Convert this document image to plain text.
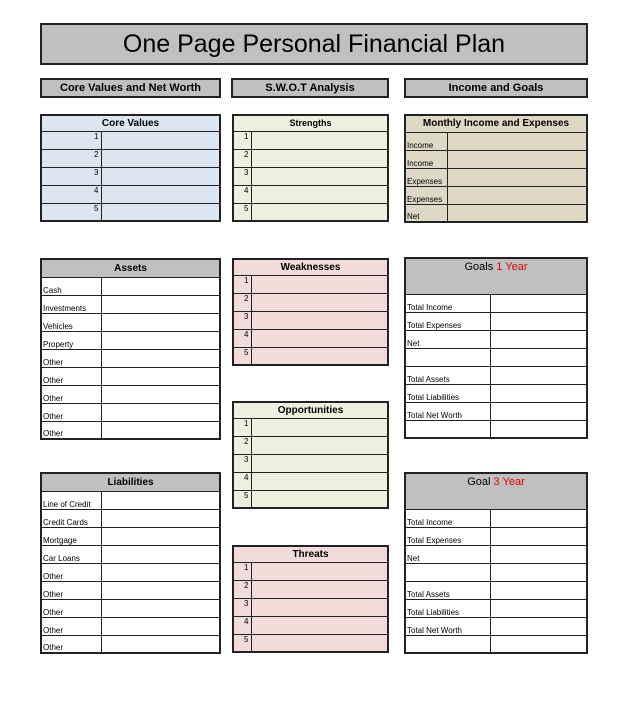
One Page Personal Financial Plan
Core Values and Net Worth	S.W.O.T Analysis	Income and Goals
Core Values	
1	
2	
3	
4	
5	
Strengths	
1	
2	
3	
4	
5	
Monthly Income and Expenses	
Income	
Income	
Expenses	
Expenses	
Net	
Assets	
Cash	
Investments	
Vehicles	
Property	
Other	
Other	
Other	
Other	
Other	
Weaknesses	
1	
2	
3	
4	
5	
Goals 1 Year	
Total Income	
Total Expenses	
Net	

Total Assets	
Total Liabilities	
Total Net Worth	

Opportunities	
1	
2	
3	
4	
5	
Liabilities	
Line of Credit	
Credit Cards	
Mortgage	
Car Loans	
Other	
Other	
Other	
Other	
Other	
Goal 3 Year	
Total Income	
Total Expenses	
Net	

Total Assets	
Total Liabilities	
Total Net Worth	

Threats	
1	
2	
3	
4	
5	
